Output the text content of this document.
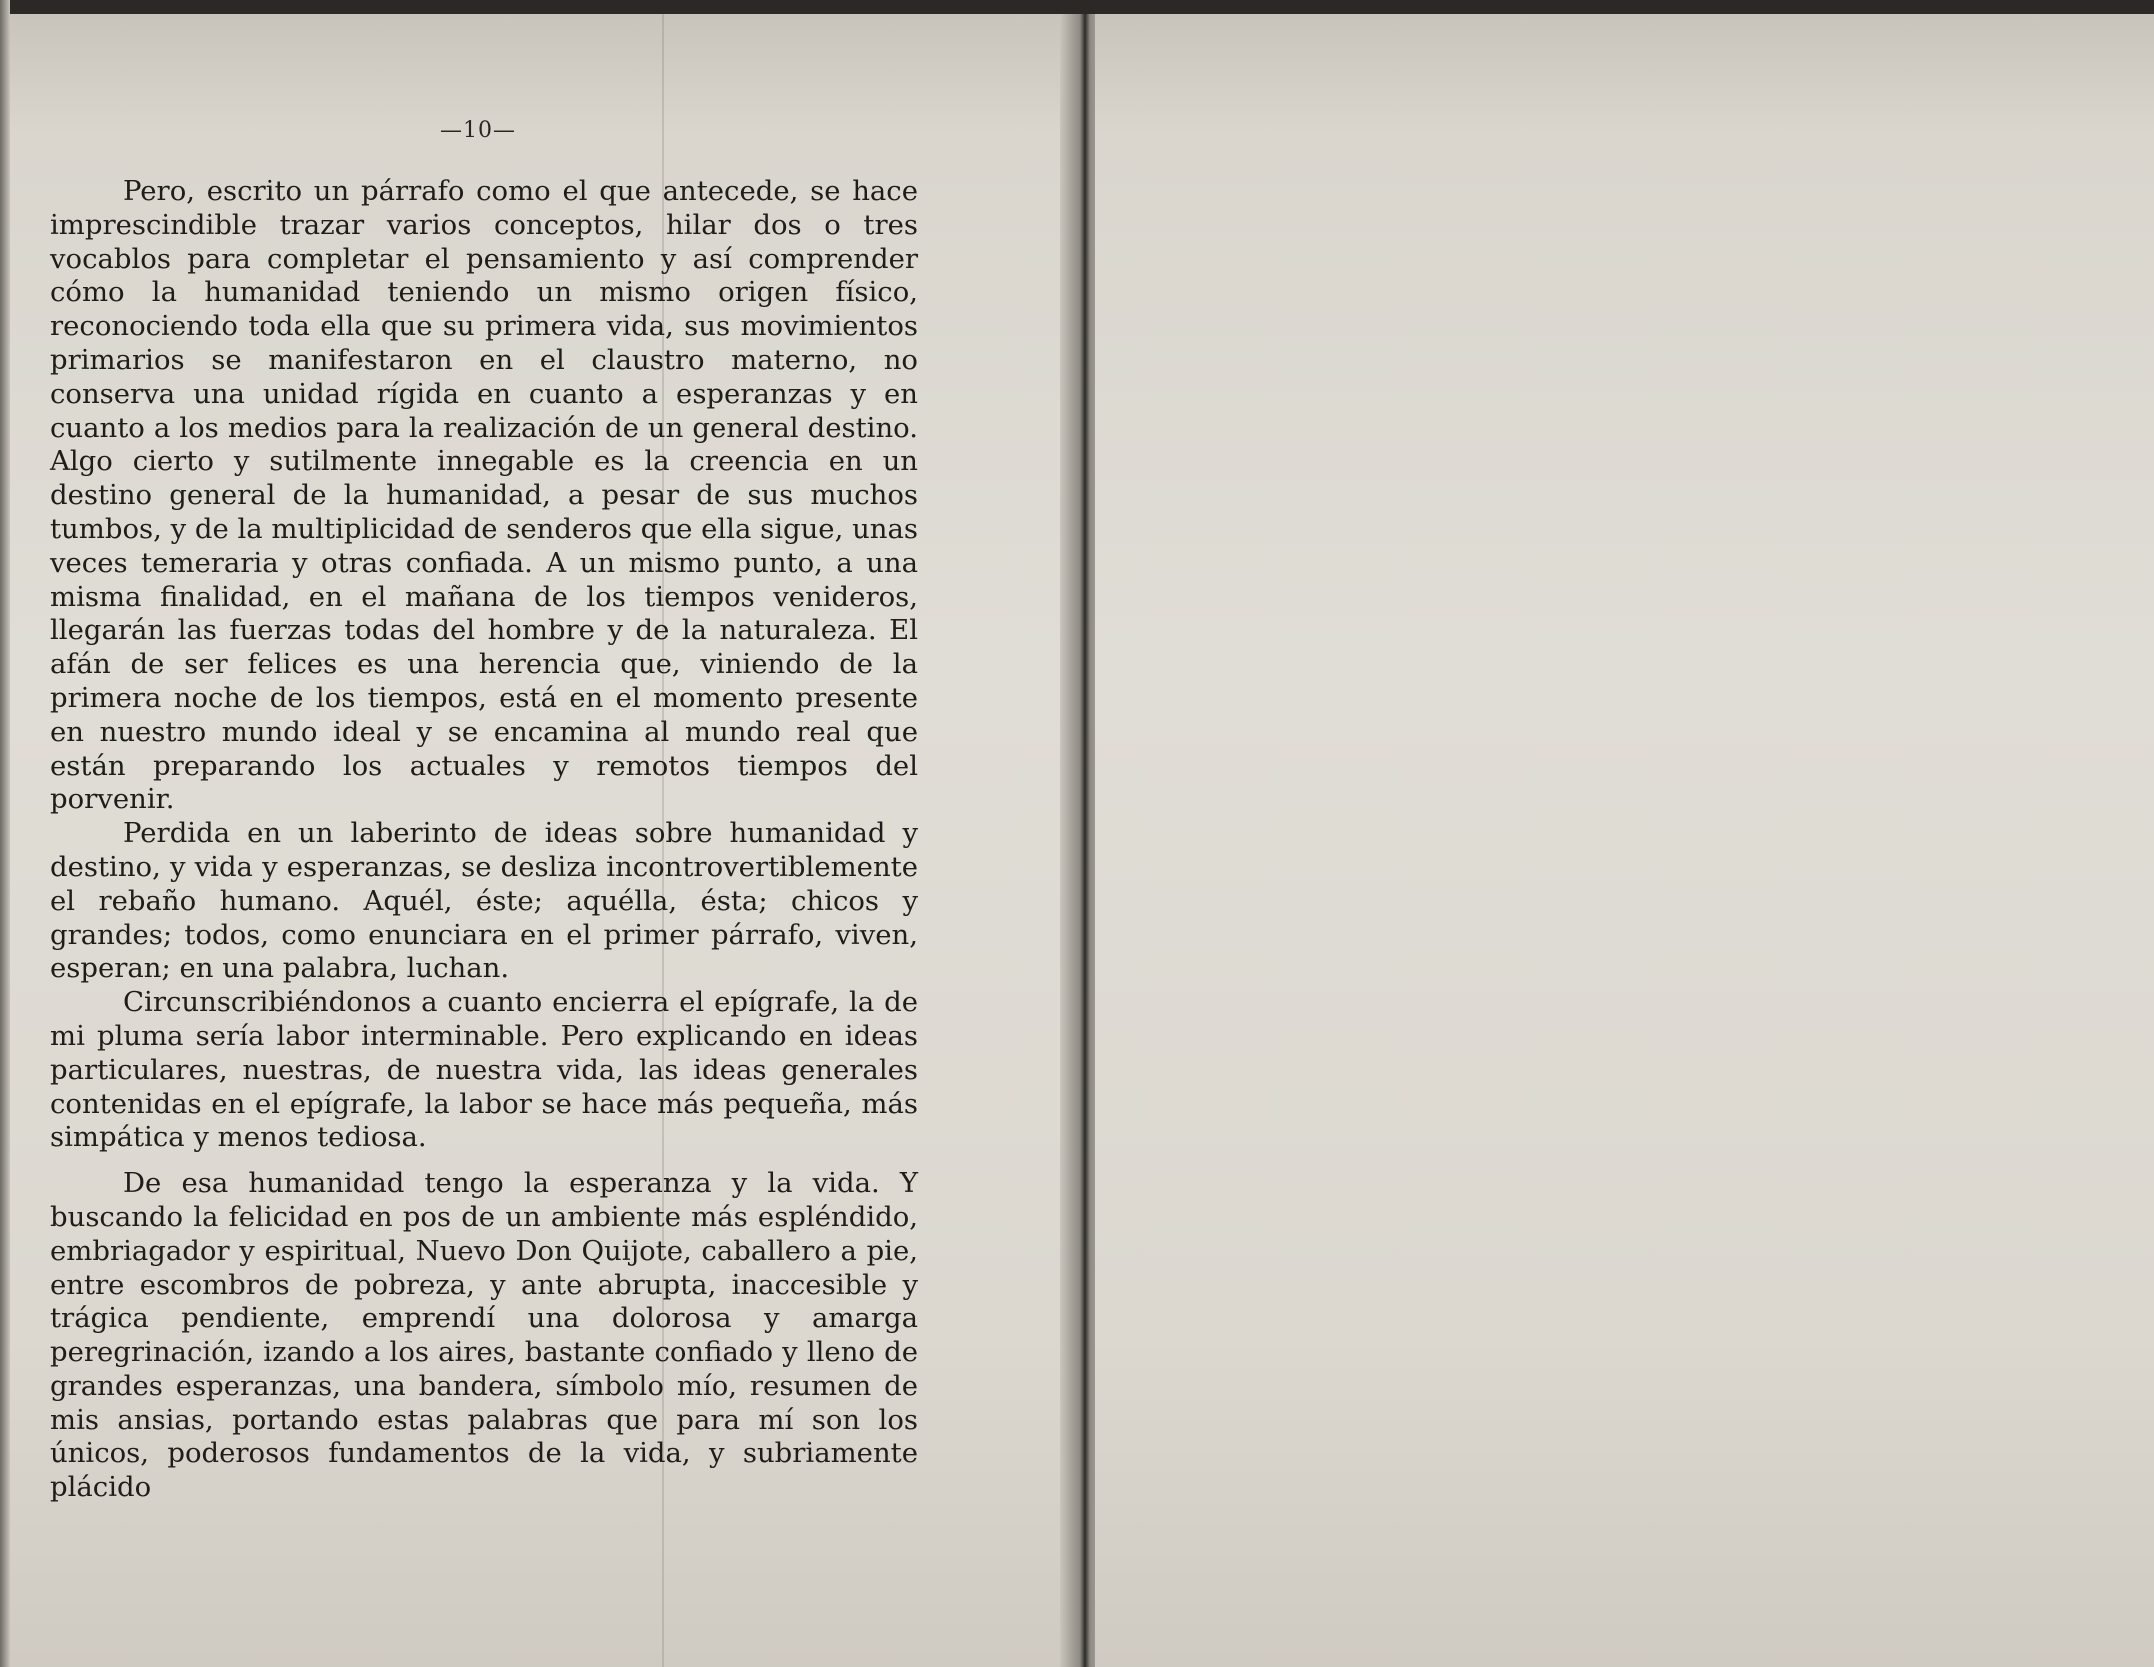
—10—

Pero, escrito un párrafo como el que antecede, se hace imprescindible trazar varios conceptos, hilar dos o tres vocablos para completar el pensamiento y así comprender cómo la humanidad teniendo un mismo origen físico, reconociendo toda ella que su primera vida, sus movimientos primarios se manifestaron en el claustro materno, no conserva una unidad rígida en cuanto a esperanzas y en cuanto a los medios para la realización de un general destino. Algo cierto y sutilmente innegable es la creencia en un destino general de la humanidad, a pesar de sus muchos tumbos, y de la multiplicidad de senderos que ella sigue, unas veces temeraria y otras confiada. A un mismo punto, a una misma finalidad, en el mañana de los tiempos venideros, llegarán las fuerzas todas del hombre y de la naturaleza. El afán de ser felices es una herencia que, viniendo de la primera noche de los tiempos, está en el momento presente en nuestro mundo ideal y se encamina al mundo real que están preparando los actuales y remotos tiempos del porvenir.

Perdida en un laberinto de ideas sobre humanidad y destino, y vida y esperanzas, se desliza incontrovertiblemente el rebaño humano. Aquél, éste; aquélla, ésta; chicos y grandes; todos, como enunciara en el primer párrafo, viven, esperan; en una palabra, luchan.

Circunscribiéndonos a cuanto encierra el epígrafe, la de mi pluma sería labor interminable. Pero explicando en ideas particulares, nuestras, de nuestra vida, las ideas generales contenidas en el epígrafe, la labor se hace más pequeña, más simpática y menos tediosa.

De esa humanidad tengo la esperanza y la vida. Y buscando la felicidad en pos de un ambiente más espléndido, embriagador y espiritual, Nuevo Don Quijote, caballero a pie, entre escombros de pobreza, y ante abrupta, inaccesible y trágica pendiente, emprendí una dolorosa y amarga peregrinación, izando a los aires, bastante confiado y lleno de grandes esperanzas, una bandera, símbolo mío, resumen de mis ansias, portando estas palabras que para mí son los únicos, poderosos fundamentos de la vida, y subriamente plácido
